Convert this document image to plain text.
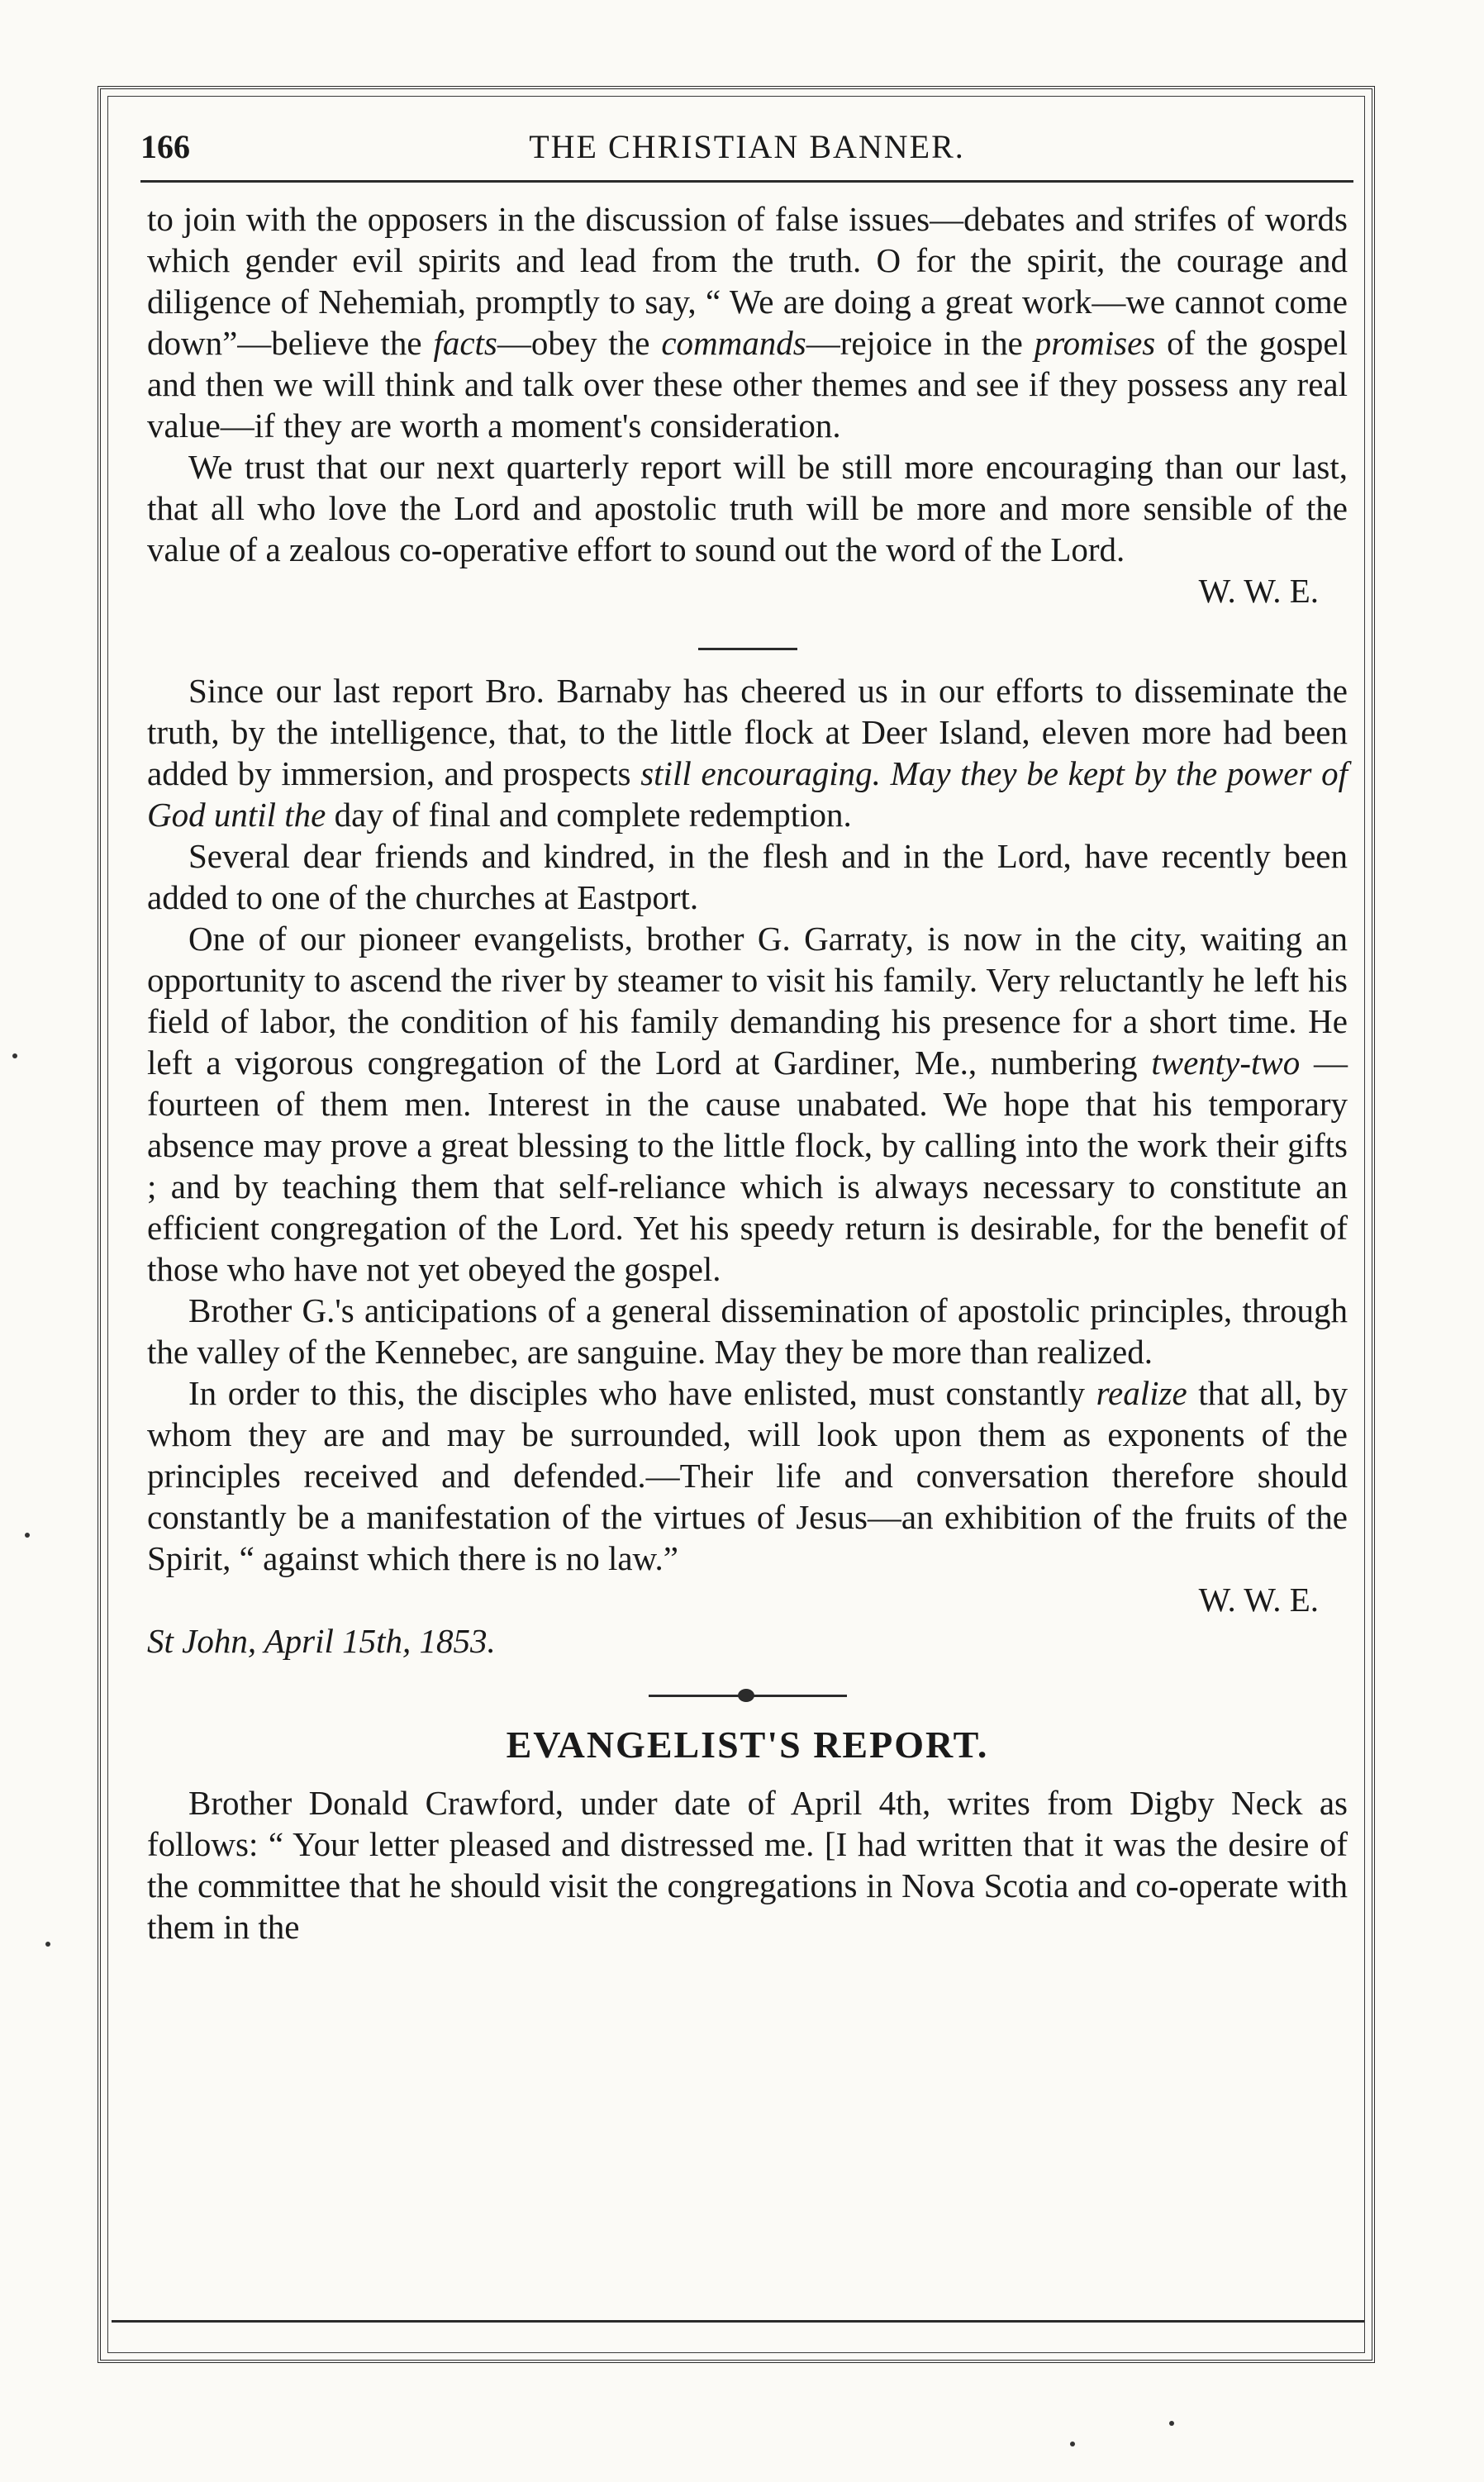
166	THE CHRISTIAN BANNER.

to join with the opposers in the discussion of false issues—debates and strifes of words which gender evil spirits and lead from the truth. O for the spirit, the courage and diligence of Nehemiah, promptly to say, “ We are doing a great work—we cannot come down”—believe the facts—obey the commands—rejoice in the promises of the gospel and then we will think and talk over these other themes and see if they possess any real value—if they are worth a moment's consideration.

We trust that our next quarterly report will be still more encouraging than our last, that all who love the Lord and apostolic truth will be more and more sensible of the value of a zealous co-operative effort to sound out the word of the Lord.

W. W. E.

Since our last report Bro. Barnaby has cheered us in our efforts to disseminate the truth, by the intelligence, that, to the little flock at Deer Island, eleven more had been added by immersion, and prospects still encouraging. May they be kept by the power of God until the day of final and complete redemption.

Several dear friends and kindred, in the flesh and in the Lord, have recently been added to one of the churches at Eastport.

One of our pioneer evangelists, brother G. Garraty, is now in the city, waiting an opportunity to ascend the river by steamer to visit his family. Very reluctantly he left his field of labor, the condition of his family demanding his presence for a short time. He left a vigorous congregation of the Lord at Gardiner, Me., numbering twenty-two —fourteen of them men. Interest in the cause unabated. We hope that his temporary absence may prove a great blessing to the little flock, by calling into the work their gifts ; and by teaching them that self-reliance which is always necessary to constitute an efficient congregation of the Lord. Yet his speedy return is desirable, for the benefit of those who have not yet obeyed the gospel.

Brother G.'s anticipations of a general dissemination of apostolic principles, through the valley of the Kennebec, are sanguine. May they be more than realized.

In order to this, the disciples who have enlisted, must constantly realize that all, by whom they are and may be surrounded, will look upon them as exponents of the principles received and defended.—Their life and conversation therefore should constantly be a manifestation of the virtues of Jesus—an exhibition of the fruits of the Spirit, “ against which there is no law.”

W. W. E.

St John, April 15th, 1853.

EVANGELIST'S REPORT.

Brother Donald Crawford, under date of April 4th, writes from Digby Neck as follows: “ Your letter pleased and distressed me. [I had written that it was the desire of the committee that he should visit the congregations in Nova Scotia and co-operate with them in the
